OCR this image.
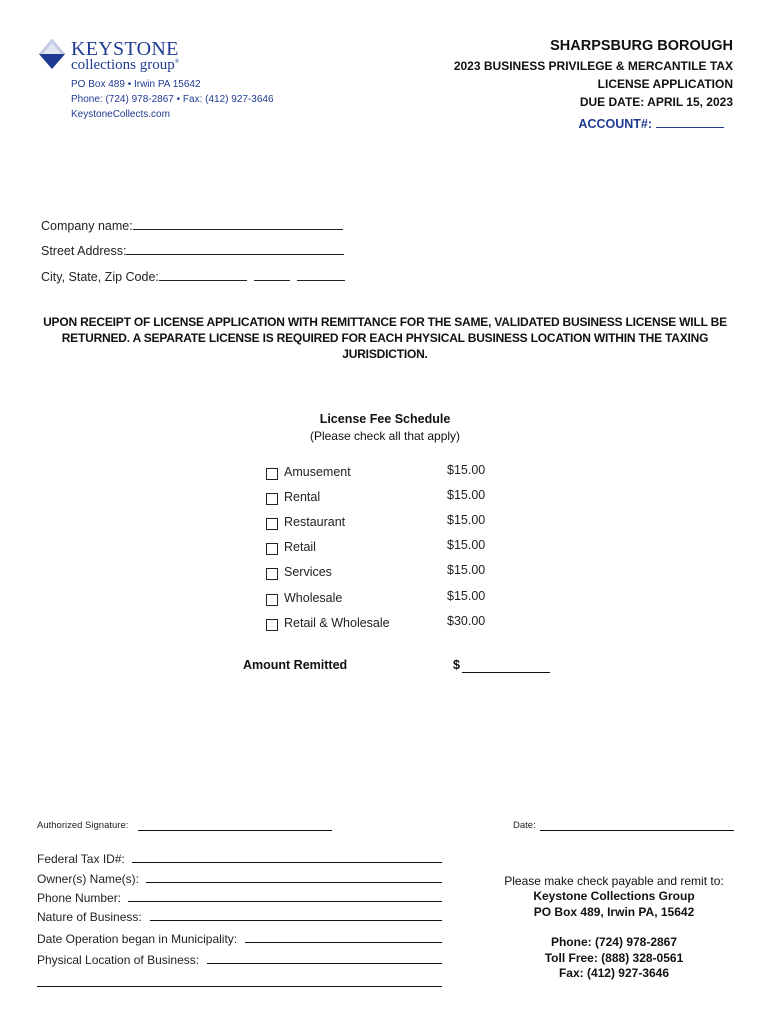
KEYSTONE
collections group®
PO Box 489 • Irwin PA 15642
Phone: (724) 978-2867 • Fax: (412) 927-3646
KeystoneCollects.com
SHARPSBURG BOROUGH
2023 BUSINESS PRIVILEGE & MERCANTILE TAX
LICENSE APPLICATION
DUE DATE: APRIL 15, 2023
ACCOUNT#:
Company name:
Street Address:
City, State, Zip Code:
UPON RECEIPT OF LICENSE APPLICATION WITH REMITTANCE FOR THE SAME, VALIDATED BUSINESS LICENSE WILL BE RETURNED. A SEPARATE LICENSE IS REQUIRED FOR EACH PHYSICAL BUSINESS LOCATION WITHIN THE TAXING JURISDICTION.
License Fee Schedule
(Please check all that apply)
Amusement	$15.00
Rental	$15.00
Restaurant	$15.00
Retail	$15.00
Services	$15.00
Wholesale	$15.00
Retail & Wholesale	$30.00
Amount Remitted	$
Authorized Signature:	Date:
Federal Tax ID#:
Owner(s) Name(s):
Phone Number:
Nature of Business:
Date Operation began in Municipality:
Physical Location of Business:
Please make check payable and remit to:
Keystone Collections Group
PO Box 489, Irwin PA, 15642
Phone: (724) 978-2867
Toll Free: (888) 328-0561
Fax: (412) 927-3646
